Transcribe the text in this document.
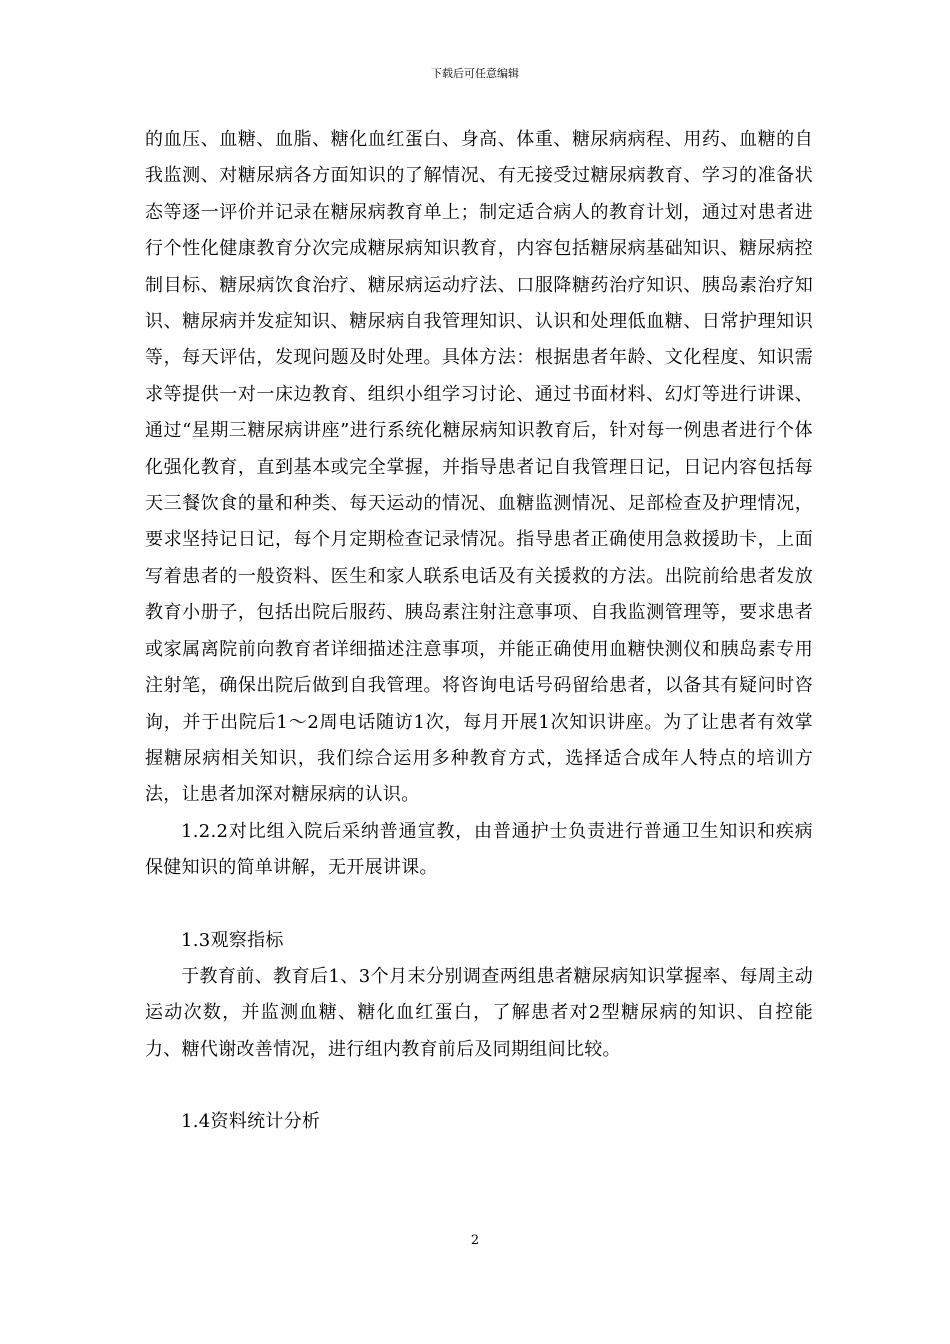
下载后可任意编辑

的血压、血糖、血脂、糖化血红蛋白、身高、体重、糖尿病病程、用药、血糖的自我监测、对糖尿病各方面知识的了解情况、有无接受过糖尿病教育、学习的准备状态等逐一评价并记录在糖尿病教育单上；制定适合病人的教育计划，通过对患者进行个性化健康教育分次完成糖尿病知识教育，内容包括糖尿病基础知识、糖尿病控制目标、糖尿病饮食治疗、糖尿病运动疗法、口服降糖药治疗知识、胰岛素治疗知识、糖尿病并发症知识、糖尿病自我管理知识、认识和处理低血糖、日常护理知识等，每天评估，发现问题及时处理。具体方法：根据患者年龄、文化程度、知识需求等提供一对一床边教育、组织小组学习讨论、通过书面材料、幻灯等进行讲课、通过“星期三糖尿病讲座”进行系统化糖尿病知识教育后，针对每一例患者进行个体化强化教育，直到基本或完全掌握，并指导患者记自我管理日记，日记内容包括每天三餐饮食的量和种类、每天运动的情况、血糖监测情况、足部检查及护理情况，要求坚持记日记，每个月定期检查记录情况。指导患者正确使用急救援助卡，上面写着患者的一般资料、医生和家人联系电话及有关援救的方法。出院前给患者发放教育小册子，包括出院后服药、胰岛素注射注意事项、自我监测管理等，要求患者或家属离院前向教育者详细描述注意事项，并能正确使用血糖快测仪和胰岛素专用注射笔，确保出院后做到自我管理。将咨询电话号码留给患者，以备其有疑问时咨询，并于出院后1～2周电话随访1次，每月开展1次知识讲座。为了让患者有效掌握糖尿病相关知识，我们综合运用多种教育方式，选择适合成年人特点的培训方法，让患者加深对糖尿病的认识。

1.2.2对比组入院后采纳普通宣教，由普通护士负责进行普通卫生知识和疾病保健知识的简单讲解，无开展讲课。

1.3观察指标

于教育前、教育后1、3个月末分别调查两组患者糖尿病知识掌握率、每周主动运动次数，并监测血糖、糖化血红蛋白，了解患者对2型糖尿病的知识、自控能力、糖代谢改善情况，进行组内教育前后及同期组间比较。

1.4资料统计分析

2
